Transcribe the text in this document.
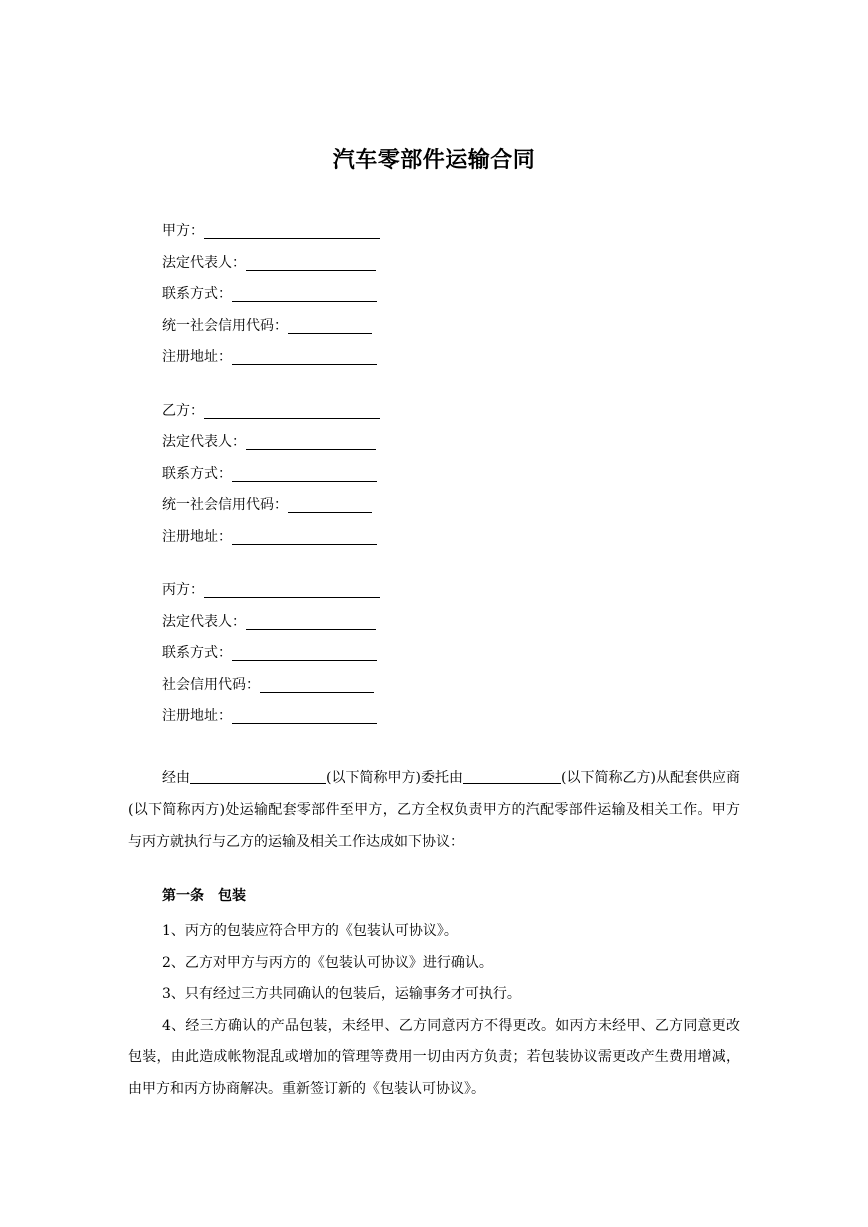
汽车零部件运输合同
甲方：
法定代表人：
联系方式：
统一社会信用代码：
注册地址：
乙方：
法定代表人：
联系方式：
统一社会信用代码：
注册地址：
丙方：
法定代表人：
联系方式：
社会信用代码：
注册地址：

经由	(以下简称甲方)委托由	(以下简称乙方)从配套供应商(以下简称丙方)处运输配套零部件至甲方，乙方全权负责甲方的汽配零部件运输及相关工作。甲方与丙方就执行与乙方的运输及相关工作达成如下协议：

第一条 包装

1、丙方的包装应符合甲方的《包装认可协议》。

2、乙方对甲方与丙方的《包装认可协议》进行确认。

3、只有经过三方共同确认的包装后，运输事务才可执行。

4、经三方确认的产品包装，未经甲、乙方同意丙方不得更改。如丙方未经甲、乙方同意更改包装，由此造成帐物混乱或增加的管理等费用一切由丙方负责；若包装协议需更改产生费用增减，由甲方和丙方协商解决。重新签订新的《包装认可协议》。
